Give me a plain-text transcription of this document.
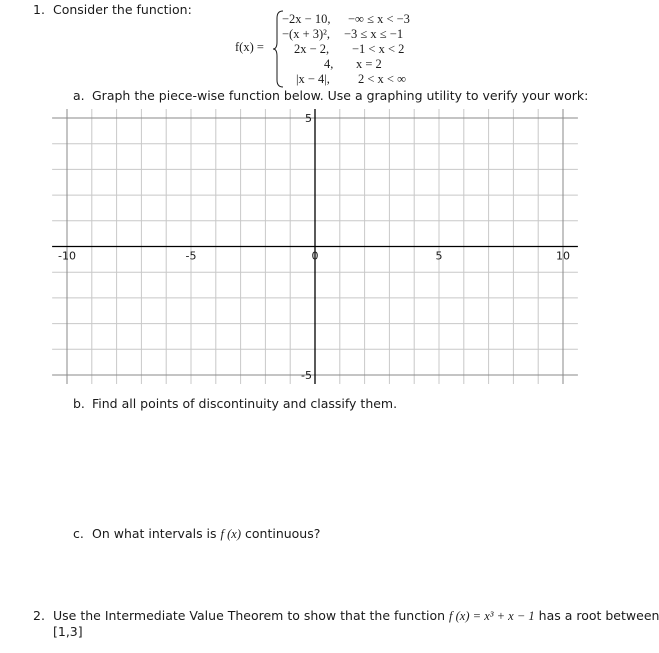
1. Consider the function:
f(x) =
−2x − 10, −∞ ≤ x < −3
−(x + 3)², −3 ≤ x ≤ −1
2x − 2, −1 < x < 2
4, x = 2
|x − 4|, 2 < x < ∞
a. Graph the piece-wise function below. Use a graphing utility to verify your work:
-10	-5	0	5	10
5
-5
b. Find all points of discontinuity and classify them.
c. On what intervals is f (x) continuous?
2. Use the Intermediate Value Theorem to show that the function f (x) = x³ + x − 1 has a root between
[1,3]
